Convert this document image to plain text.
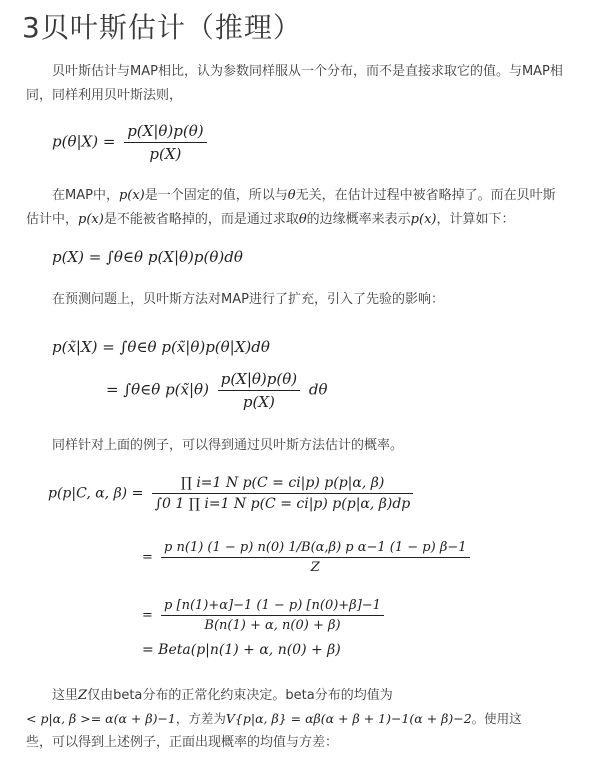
3贝叶斯估计（推理）
贝叶斯估计与MAP相比，认为参数同样服从一个分布，而不是直接求取它的值。与MAP相
同，同样利用贝叶斯法则，
$p(\theta|X) = \frac{p(X|\theta)p(\theta)}{p(X)}$
在MAP中，p(x)是一个固定的值，所以与θ无关，在估计过程中被省略掉了。而在贝叶斯
估计中，p(x)是不能被省略掉的，而是通过求取θ的边缘概率来表示p(x)，计算如下：
p(X) = ∫θ∈θ p(X|θ)p(θ)dθ
在预测问题上，贝叶斯方法对MAP进行了扩充，引入了先验的影响：
p(x̃|X) = ∫θ∈θ p(x̃|θ)p(θ|X)dθ
= ∫θ∈θ p(x̃|θ) $\frac{p(X|\theta)p(\theta)}{p(X)}$ dθ
同样针对上面的例子，可以得到通过贝叶斯方法估计的概率。
p(p|C, α, $\beta) = \frac{\text{∏ i=1 N p(C = ci|p) p(p|α, β)}}{\text{∫0 1 ∏ i=1 N p(C = ci|p) p(p|α, β)dp}}$
= $\frac{\text{p n(1) (1 − p) n(0) 1/B(α,β) p α−1 (1 − p) β−1}}{Z}$
= $\frac{p [n(1)+\alpha]-1 (1 - p) [n(0)+\beta]-1}{B(n(1) + \alpha, n(0) + \beta)}$
= Beta(p|n(1) + α, n(0) + β)
这里Z仅由beta分布的正常化约束决定。beta分布的均值为
< p|α, β >= α(α + β)−1，方差为V{p|α, β} = αβ(α + β + 1)−1(α + β)−2。使用这
些，可以得到上述例子，正面出现概率的均值与方差：
